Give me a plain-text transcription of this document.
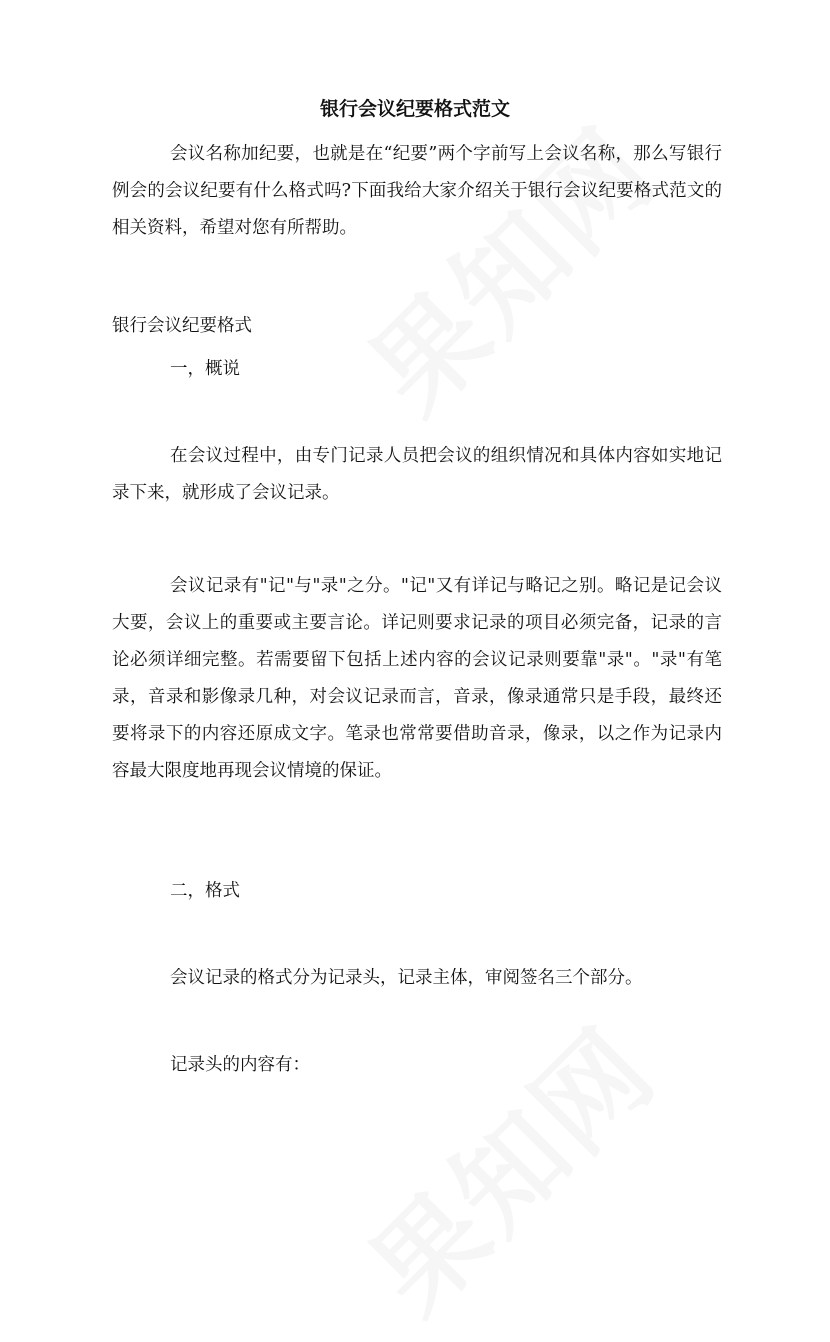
银行会议纪要格式范文

会议名称加纪要，也就是在“纪要”两个字前写上会议名称，那么写银行例会的会议纪要有什么格式吗?下面我给大家介绍关于银行会议纪要格式范文的相关资料，希望对您有所帮助。

银行会议纪要格式

一，概说

在会议过程中，由专门记录人员把会议的组织情况和具体内容如实地记录下来，就形成了会议记录。

会议记录有"记"与"录"之分。"记"又有详记与略记之别。略记是记会议大要，会议上的重要或主要言论。详记则要求记录的项目必须完备，记录的言论必须详细完整。若需要留下包括上述内容的会议记录则要靠"录"。"录"有笔录，音录和影像录几种，对会议记录而言，音录，像录通常只是手段，最终还要将录下的内容还原成文字。笔录也常常要借助音录，像录，以之作为记录内容最大限度地再现会议情境的保证。

二，格式

会议记录的格式分为记录头，记录主体，审阅签名三个部分。

记录头的内容有：
